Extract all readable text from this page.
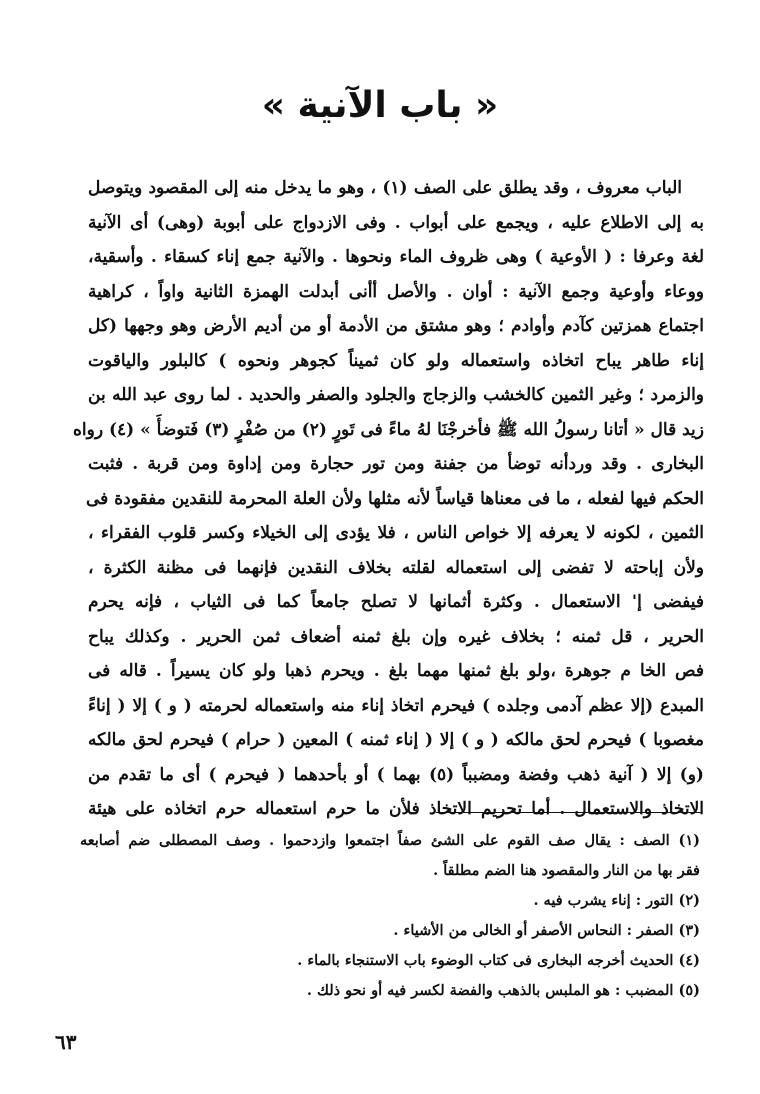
« باب الآنية »
الباب معروف ، وقد يطلق على الصف (١) ، وهو ما يدخل منه إلى المقصود ويتوصل
به إلى الاطلاع عليه ، ويجمع على أبواب . وفى الازدواج على أبوبة (وهى) أى الآنية
لغة وعرفا : ( الأوعية ) وهى ظروف الماء ونحوها . والآنية جمع إناء كسقاء . وأسقية،
ووعاء وأوعية وجمع الآنية : أوان . والأصل أأنى أبدلت الهمزة الثانية واواً ، كراهية
اجتماع همزتين كآدم وأوادم ؛ وهو مشتق من الأدمة أو من أديم الأرض وهو وجهها (كل
إناء طاهر يباح اتخاذه واستعماله ولو كان ثميناً كجوهر ونحوه ) كالبلور والياقوت
والزمرد ؛ وغير الثمين كالخشب والزجاج والجلود والصفر والحديد . لما روى عبد الله بن
زيد قال « أتانا رسولُ الله ﷺ فأخرجْنَا لهُ ماءً فى تَورٍ (٢) من صُفْرٍ (٣) فَتوضأَ » (٤) رواه
البخارى . وقد وردأنه توضأ من جفنة ومن تور حجارة ومن إداوة ومن قربة . فثبت
الحكم فيها لفعله ، ما فى معناها قياساً لأنه مثلها ولأن العلة المحرمة للنقدين مفقودة فى
الثمين ، لكونه لا يعرفه إلا خواص الناس ، فلا يؤدى إلى الخيلاء وكسر قلوب الفقراء ،
ولأن إباحته لا تفضى إلى استعماله لقلته بخلاف النقدين فإنهما فى مظنة الكثرة ،
فيفضى إ' الاستعمال . وكثرة أثمانها لا تصلح جامعاً كما فى الثياب ، فإنه يحرم
الحرير ، قل ثمنه ؛ بخلاف غيره وإن بلغ ثمنه أضعاف ثمن الحرير . وكذلك يباح
فص الخا م جوهرة ،ولو بلغ ثمنها مهما بلغ . ويحرم ذهبا ولو كان يسيراً . قاله فى
المبدع (إلا عظم آدمى وجلده ) فيحرم اتخاذ إناء منه واستعماله لحرمته ( و ) إلا ( إناءً
مغصوبا ) فيحرم لحق مالكه ( و ) إلا ( إناء ثمنه ) المعين ( حرام ) فيحرم لحق مالكه
(و) إلا ( آنية ذهب وفضة ومضبباً (٥) بهما ) أو بأحدهما ( فيحرم ) أى ما تقدم من
الاتخاذ والاستعمال . أما تحريم الاتخاذ فلأن ما حرم استعماله حرم اتخاذه على هيئة
(١) الصف : يقال صف القوم على الشئ صفاً اجتمعوا وازدحموا . وصف المصطلى ضم أصابعه
فقر بها من النار والمقصود هنا الضم مطلقاً .
(٢) التور : إناء يشرب فيه .
(٣) الصفر : النحاس الأصفر أو الخالى من الأشياء .
(٤) الحديث أخرجه البخارى فى كتاب الوضوء باب الاستنجاء بالماء .
(٥) المضبب : هو الملبس بالذهب والفضة لكسر فيه أو نحو ذلك .
٦٣
